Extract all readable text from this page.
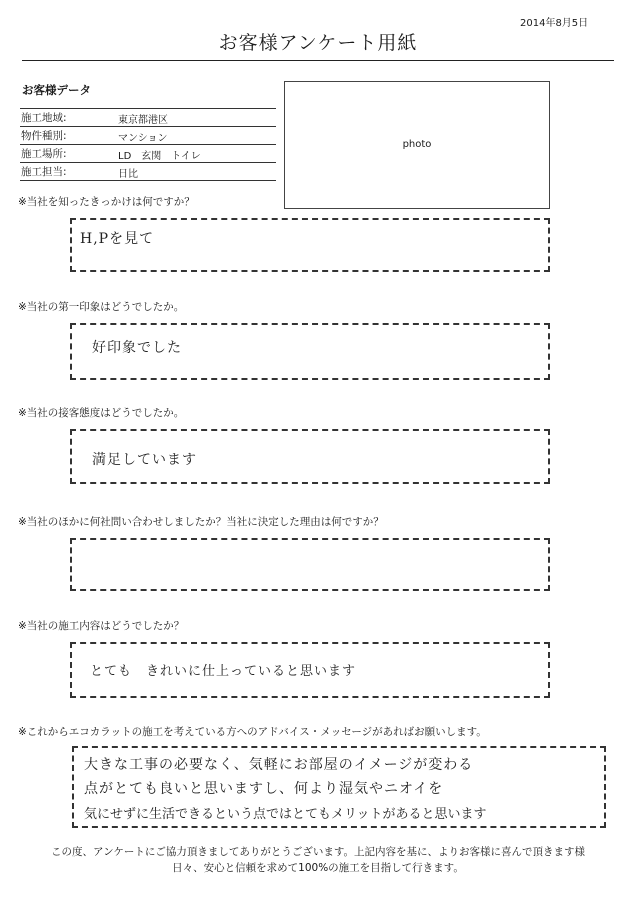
2014年8月5日
お客様アンケート用紙
お客様データ
施工地域:	東京都港区
物件種別:	マンション
施工場所:	LD　玄関　トイレ
施工担当:	日比
photo
※当社を知ったきっかけは何ですか？
H,Pを見て
※当社の第一印象はどうでしたか。
好印象でした
※当社の接客態度はどうでしたか。
満足しています
※当社のほかに何社問い合わせしましたか？当社に決定した理由は何ですか？
※当社の施工内容はどうでしたか？
とても　きれいに仕上っていると思います
※これからエコカラットの施工を考えている方へのアドバイス・メッセージがあればお願いします。
大きな工事の必要なく、気軽にお部屋のイメージが変わる
点がとても良いと思いますし、何より湿気やニオイを
気にせずに生活できるという点ではとてもメリットがあると思います
この度、アンケートにご協力頂きましてありがとうございます。上記内容を基に、よりお客様に喜んで頂きます様
日々、安心と信頼を求めて100%の施工を目指して行きます。
